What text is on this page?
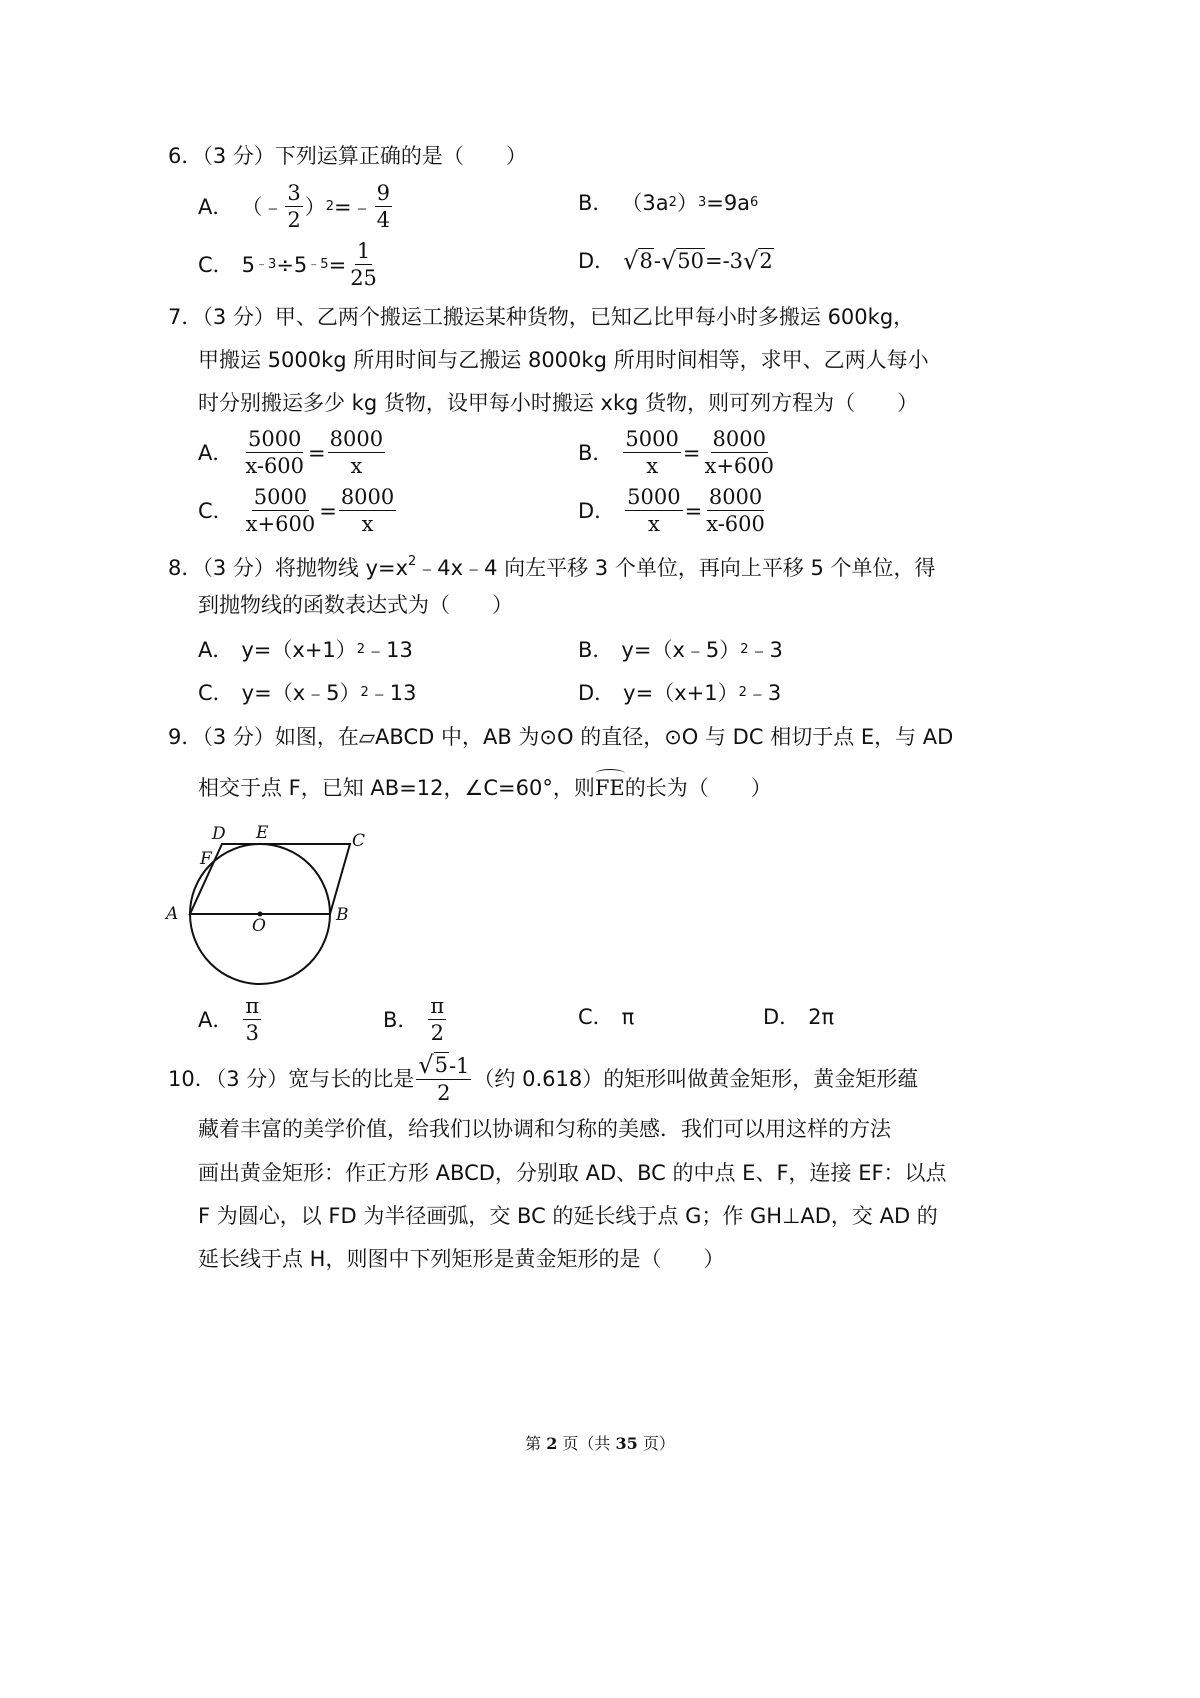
6．（3 分）下列运算正确的是（　　）
A． （﹣ $\frac{3}{2}$ ） 2 =﹣ $\frac{9}{4}$	B． （3a 2 ） 3 =9a 6
C． 5 ﹣3 ÷5 ﹣5 = $\frac{1}{25}$	D． √ 8 - √ 50 =-3 √ 2
7．（3 分）甲、乙两个搬运工搬运某种货物，已知乙比甲每小时多搬运 600kg，
甲搬运 5000kg 所用时间与乙搬运 8000kg 所用时间相等，求甲、乙两人每小
时分别搬运多少 kg 货物，设甲每小时搬运 xkg 货物，则可列方程为（　　）
A． $\frac{5000}{x-600} = \frac{8000}{x}$	B． $\frac{5000}{x} = \frac{8000}{x+600}$
C． $\frac{5000}{x+600} = \frac{8000}{x}$	D． $\frac{5000}{x} = \frac{8000}{x-600}$
8．（3 分）将抛物线 $y=x^2﹣4x﹣4$ 向左平移 3 个单位，再向上平移 5 个单位，得
到抛物线的函数表达式为（　　）
A． y=（x+1） 2 ﹣13	B． y=（x﹣5） 2 ﹣3
C． y=（x﹣5） 2 ﹣13	D． y=（x+1） 2 ﹣3
9．（3 分）如图，在▱ABCD 中，AB 为⊙O 的直径，⊙O 与 DC 相切于点 E，与 AD
相交于点 F，已知 AB=12，∠C=60°，则FE的长为（　　）
A	B
C
D E
F
O
A． $\frac{\pi}{3}$	B． $\frac{\pi}{2}$	C． π	D． 2π
10．（3 分）宽与长的比是 $\frac{√ 5 -1}{2}$ （约 0.618）的矩形叫做黄金矩形，黄金矩形蕴
藏着丰富的美学价值，给我们以协调和匀称的美感．我们可以用这样的方法
画出黄金矩形：作正方形 ABCD，分别取 AD、BC 的中点 E、F，连接 EF：以点
F 为圆心，以 FD 为半径画弧，交 BC 的延长线于点 G；作 GH⊥AD，交 AD 的
延长线于点 H，则图中下列矩形是黄金矩形的是（　　）
第 2 页（共 35 页）
